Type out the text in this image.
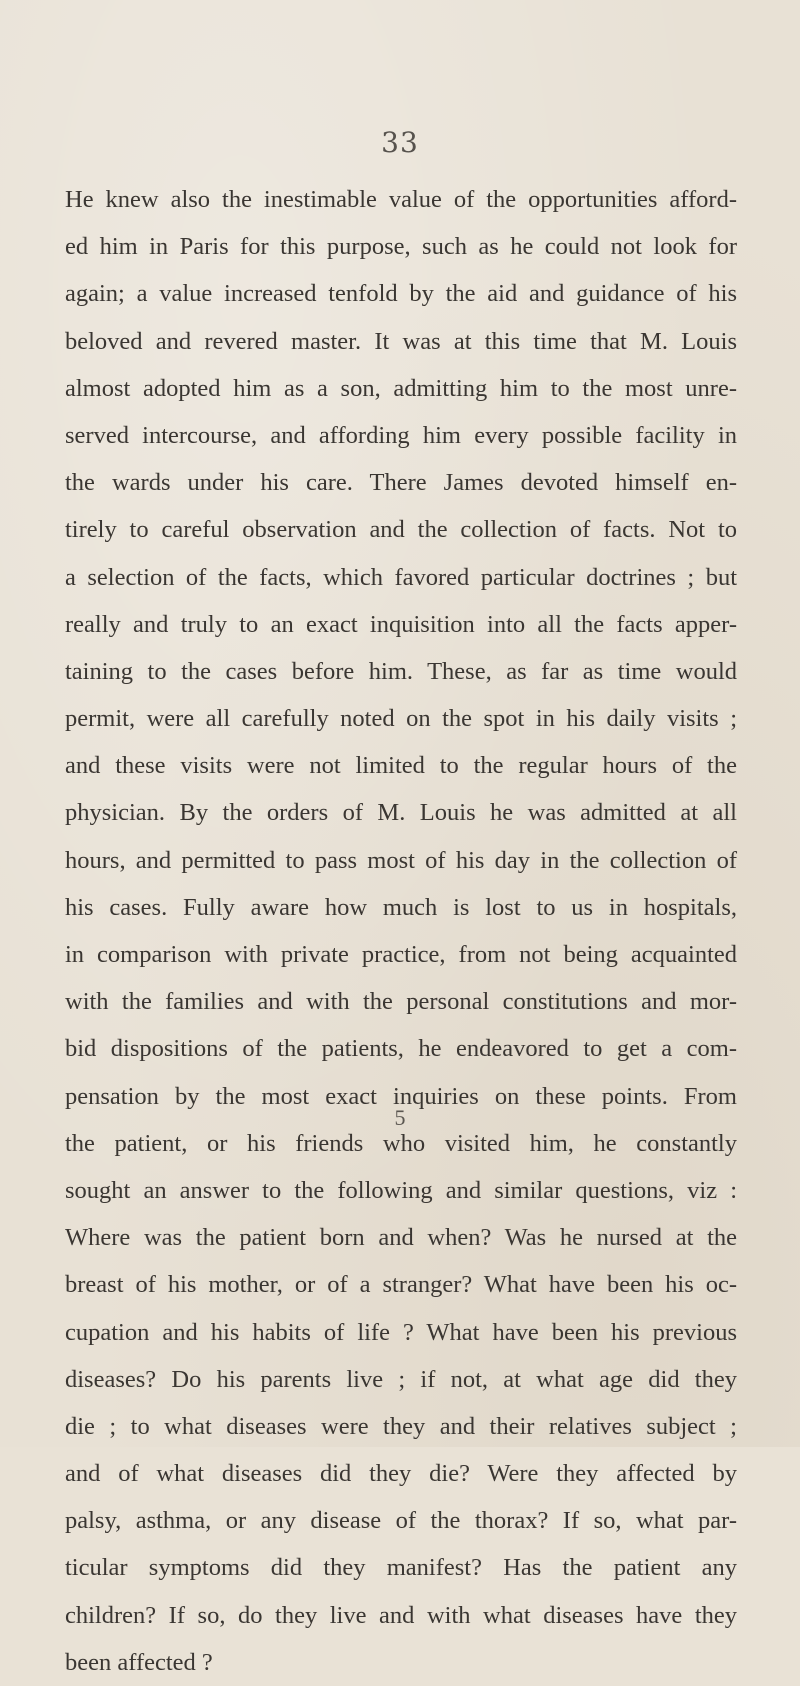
33
He knew also the inestimable value of the opportunities afford-
ed him in Paris for this purpose, such as he could not look for
again; a value increased tenfold by the aid and guidance of his
beloved and revered master. It was at this time that M. Louis
almost adopted him as a son, admitting him to the most unre-
served intercourse, and affording him every possible facility in
the wards under his care. There James devoted himself en-
tirely to careful observation and the collection of facts. Not to
a selection of the facts, which favored particular doctrines ; but
really and truly to an exact inquisition into all the facts apper-
taining to the cases before him. These, as far as time would
permit, were all carefully noted on the spot in his daily visits ;
and these visits were not limited to the regular hours of the
physician. By the orders of M. Louis he was admitted at all
hours, and permitted to pass most of his day in the collection of
his cases. Fully aware how much is lost to us in hospitals,
in comparison with private practice, from not being acquainted
with the families and with the personal constitutions and mor-
bid dispositions of the patients, he endeavored to get a com-
pensation by the most exact inquiries on these points. From
the patient, or his friends who visited him, he constantly
sought an answer to the following and similar questions, viz :
Where was the patient born and when? Was he nursed at the
breast of his mother, or of a stranger? What have been his oc-
cupation and his habits of life ? What have been his previous
diseases? Do his parents live ; if not, at what age did they
die ; to what diseases were they and their relatives subject ;
and of what diseases did they die? Were they affected by
palsy, asthma, or any disease of the thorax? If so, what par-
ticular symptoms did they manifest? Has the patient any
children? If so, do they live and with what diseases have they
been affected ?
5
